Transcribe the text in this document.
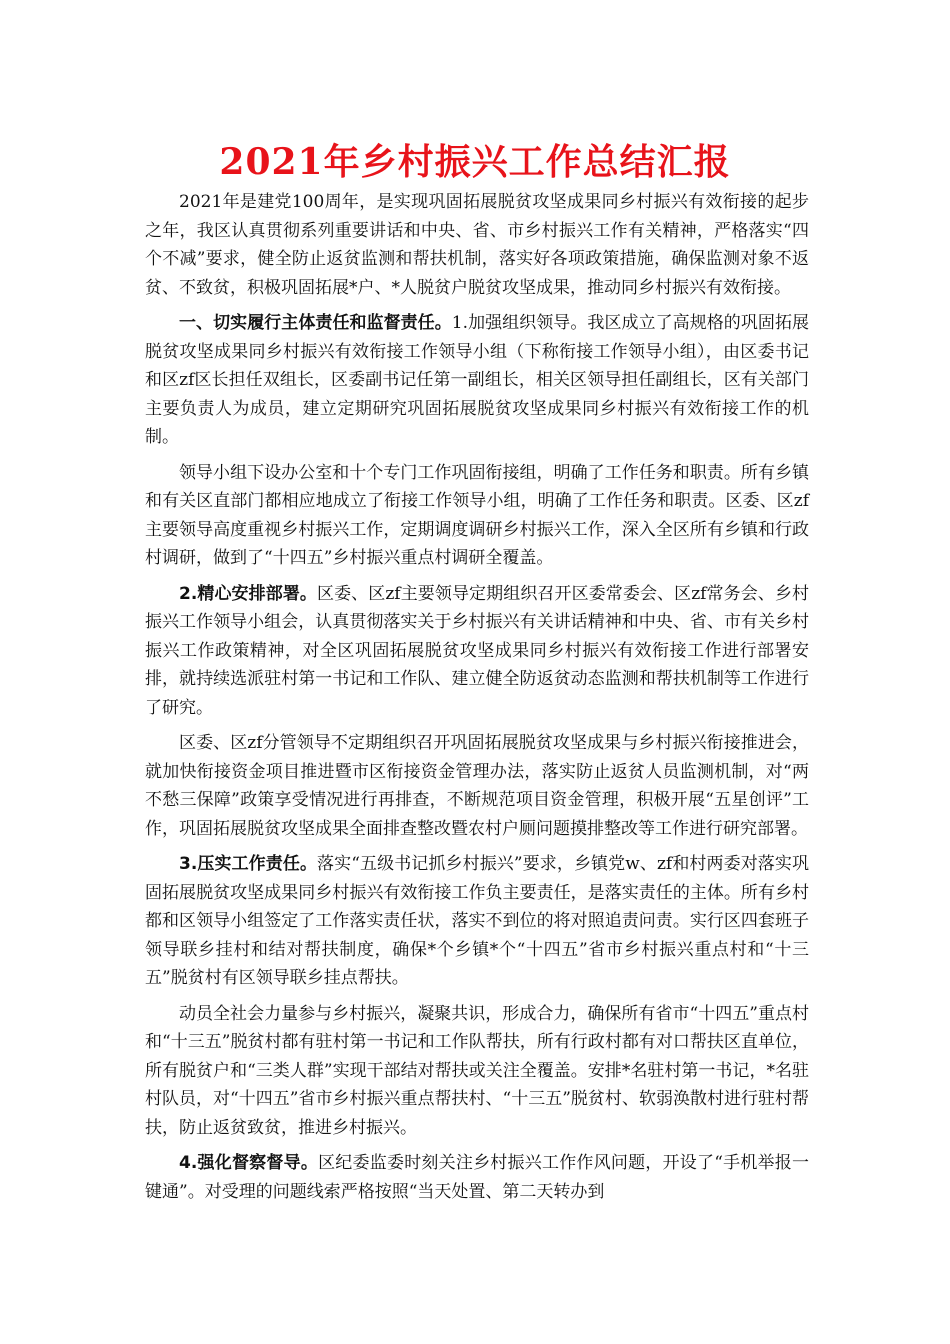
2021年乡村振兴工作总结汇报

2021年是建党100周年，是实现巩固拓展脱贫攻坚成果同乡村振兴有效衔接的起步之年，我区认真贯彻系列重要讲话和中央、省、市乡村振兴工作有关精神，严格落实“四个不减”要求，健全防止返贫监测和帮扶机制，落实好各项政策措施，确保监测对象不返贫、不致贫，积极巩固拓展*户、*人脱贫户脱贫攻坚成果，推动同乡村振兴有效衔接。

一、切实履行主体责任和监督责任。1.加强组织领导。我区成立了高规格的巩固拓展脱贫攻坚成果同乡村振兴有效衔接工作领导小组（下称衔接工作领导小组），由区委书记和区zf区长担任双组长，区委副书记任第一副组长，相关区领导担任副组长，区有关部门主要负责人为成员，建立定期研究巩固拓展脱贫攻坚成果同乡村振兴有效衔接工作的机制。

领导小组下设办公室和十个专门工作巩固衔接组，明确了工作任务和职责。所有乡镇和有关区直部门都相应地成立了衔接工作领导小组，明确了工作任务和职责。区委、区zf主要领导高度重视乡村振兴工作，定期调度调研乡村振兴工作，深入全区所有乡镇和行政村调研，做到了“十四五”乡村振兴重点村调研全覆盖。

2.精心安排部署。区委、区zf主要领导定期组织召开区委常委会、区zf常务会、乡村振兴工作领导小组会，认真贯彻落实关于乡村振兴有关讲话精神和中央、省、市有关乡村振兴工作政策精神，对全区巩固拓展脱贫攻坚成果同乡村振兴有效衔接工作进行部署安排，就持续选派驻村第一书记和工作队、建立健全防返贫动态监测和帮扶机制等工作进行了研究。

区委、区zf分管领导不定期组织召开巩固拓展脱贫攻坚成果与乡村振兴衔接推进会，就加快衔接资金项目推进暨市区衔接资金管理办法，落实防止返贫人员监测机制，对“两不愁三保障”政策享受情况进行再排查，不断规范项目资金管理，积极开展“五星创评”工作，巩固拓展脱贫攻坚成果全面排查整改暨农村户厕问题摸排整改等工作进行研究部署。

3.压实工作责任。落实“五级书记抓乡村振兴”要求，乡镇党w、zf和村两委对落实巩固拓展脱贫攻坚成果同乡村振兴有效衔接工作负主要责任，是落实责任的主体。所有乡村都和区领导小组签定了工作落实责任状，落实不到位的将对照追责问责。实行区四套班子领导联乡挂村和结对帮扶制度，确保*个乡镇*个“十四五”省市乡村振兴重点村和“十三五”脱贫村有区领导联乡挂点帮扶。

动员全社会力量参与乡村振兴，凝聚共识，形成合力，确保所有省市“十四五”重点村和“十三五”脱贫村都有驻村第一书记和工作队帮扶，所有行政村都有对口帮扶区直单位，所有脱贫户和“三类人群”实现干部结对帮扶或关注全覆盖。安排*名驻村第一书记，*名驻村队员，对“十四五”省市乡村振兴重点帮扶村、“十三五”脱贫村、软弱涣散村进行驻村帮扶，防止返贫致贫，推进乡村振兴。

4.强化督察督导。区纪委监委时刻关注乡村振兴工作作风问题，开设了“手机举报一键通”。对受理的问题线索严格按照“当天处置、第二天转办到
